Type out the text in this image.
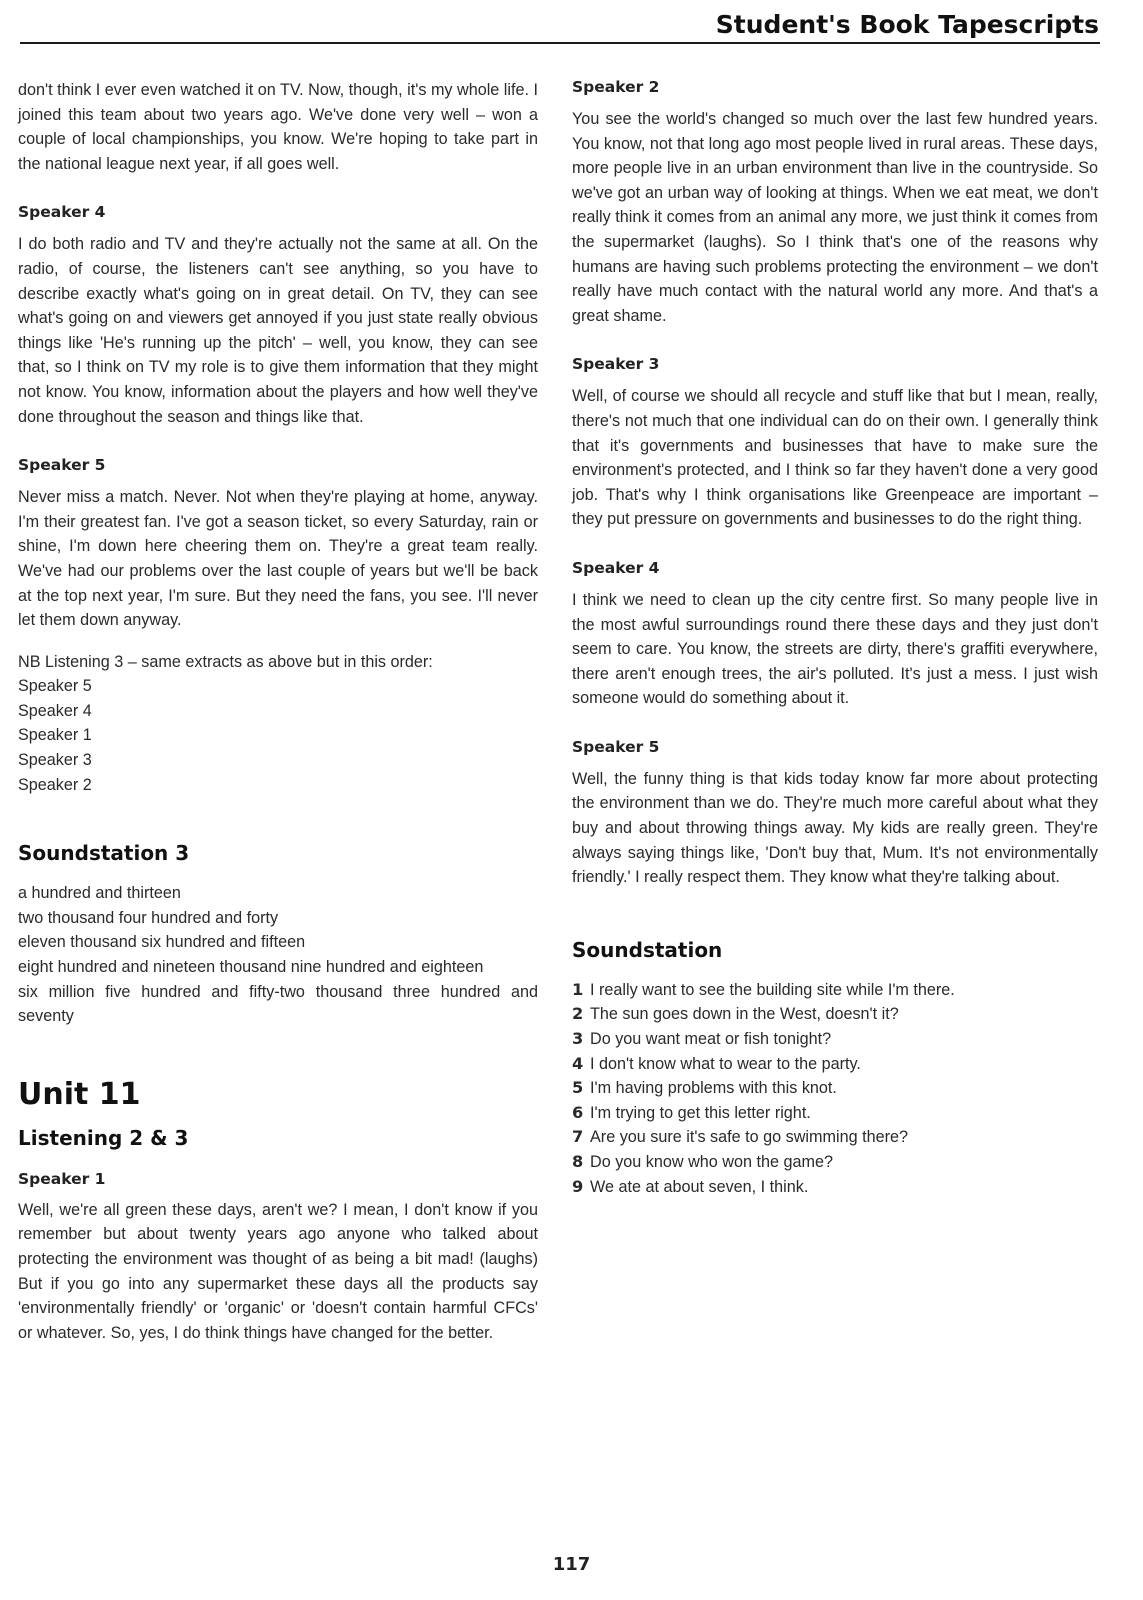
Student's Book Tapescripts

don't think I ever even watched it on TV. Now, though, it's my whole life. I joined this team about two years ago. We've done very well – won a couple of local championships, you know. We're hoping to take part in the national league next year, if all goes well.

Speaker 4

I do both radio and TV and they're actually not the same at all. On the radio, of course, the listeners can't see anything, so you have to describe exactly what's going on in great detail. On TV, they can see what's going on and viewers get annoyed if you just state really obvious things like 'He's running up the pitch' – well, you know, they can see that, so I think on TV my role is to give them information that they might not know. You know, information about the players and how well they've done throughout the season and things like that.

Speaker 5

Never miss a match. Never. Not when they're playing at home, anyway. I'm their greatest fan. I've got a season ticket, so every Saturday, rain or shine, I'm down here cheering them on. They're a great team really. We've had our problems over the last couple of years but we'll be back at the top next year, I'm sure. But they need the fans, you see. I'll never let them down anyway.

NB Listening 3 – same extracts as above but in this order:
Speaker 5
Speaker 4
Speaker 1
Speaker 3
Speaker 2
Soundstation 3
a hundred and thirteen
two thousand four hundred and forty
eleven thousand six hundred and fifteen
eight hundred and nineteen thousand nine hundred and eighteen
six million five hundred and fifty-two thousand three hundred and seventy
Unit 11
Listening 2 & 3
Speaker 1

Well, we're all green these days, aren't we? I mean, I don't know if you remember but about twenty years ago anyone who talked about protecting the environment was thought of as being a bit mad! (laughs) But if you go into any supermarket these days all the products say 'environmentally friendly' or 'organic' or 'doesn't contain harmful CFCs' or whatever. So, yes, I do think things have changed for the better.

Speaker 2

You see the world's changed so much over the last few hundred years. You know, not that long ago most people lived in rural areas. These days, more people live in an urban environment than live in the countryside. So we've got an urban way of looking at things. When we eat meat, we don't really think it comes from an animal any more, we just think it comes from the supermarket (laughs). So I think that's one of the reasons why humans are having such problems protecting the environment – we don't really have much contact with the natural world any more. And that's a great shame.

Speaker 3

Well, of course we should all recycle and stuff like that but I mean, really, there's not much that one individual can do on their own. I generally think that it's governments and businesses that have to make sure the environment's protected, and I think so far they haven't done a very good job. That's why I think organisations like Greenpeace are important – they put pressure on governments and businesses to do the right thing.

Speaker 4

I think we need to clean up the city centre first. So many people live in the most awful surroundings round there these days and they just don't seem to care. You know, the streets are dirty, there's graffiti everywhere, there aren't enough trees, the air's polluted. It's just a mess. I just wish someone would do something about it.

Speaker 5

Well, the funny thing is that kids today know far more about protecting the environment than we do. They're much more careful about what they buy and about throwing things away. My kids are really green. They're always saying things like, 'Don't buy that, Mum. It's not environmentally friendly.' I really respect them. They know what they're talking about.

Soundstation
1 I really want to see the building site while I'm there.
2 The sun goes down in the West, doesn't it?
3 Do you want meat or fish tonight?
4 I don't know what to wear to the party.
5 I'm having problems with this knot.
6 I'm trying to get this letter right.
7 Are you sure it's safe to go swimming there?
8 Do you know who won the game?
9 We ate at about seven, I think.
117
